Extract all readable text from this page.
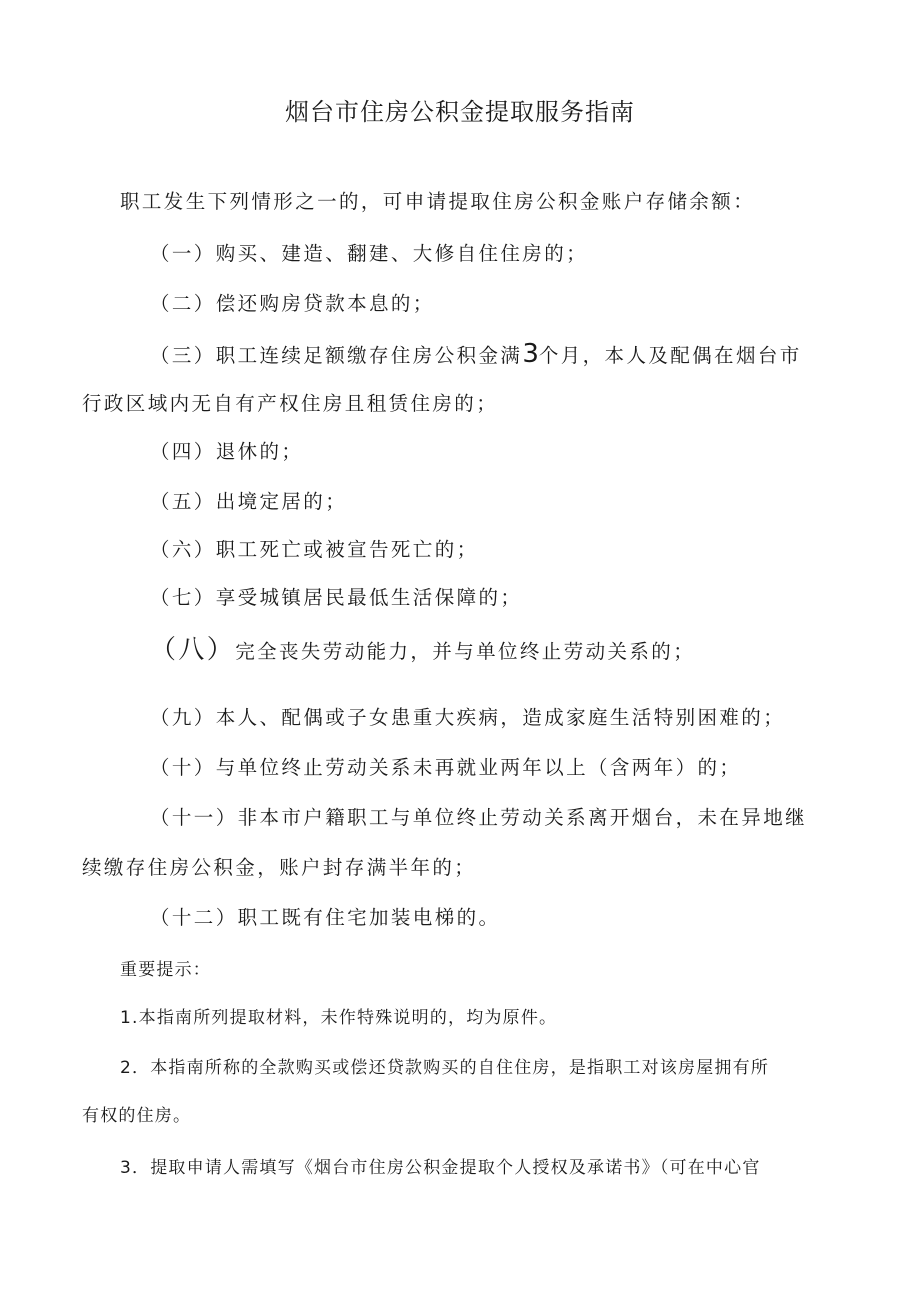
烟台市住房公积金提取服务指南
职工发生下列情形之一的，可申请提取住房公积金账户存储余额：
（一）购买、建造、翻建、大修自住住房的；
（二）偿还购房贷款本息的；
（三）职工连续足额缴存住房公积金满3个月，本人及配偶在烟台市
行政区域内无自有产权住房且租赁住房的；
（四）退休的；
（五）出境定居的；
（六）职工死亡或被宣告死亡的；
（七）享受城镇居民最低生活保障的；
（八）完全丧失劳动能力，并与单位终止劳动关系的；
（九）本人、配偶或子女患重大疾病，造成家庭生活特别困难的；
（十）与单位终止劳动关系未再就业两年以上（含两年）的；
（十一）非本市户籍职工与单位终止劳动关系离开烟台，未在异地继
续缴存住房公积金，账户封存满半年的；
（十二）职工既有住宅加装电梯的。
重要提示：
1.本指南所列提取材料，未作特殊说明的，均为原件。
2．本指南所称的全款购买或偿还贷款购买的自住住房，是指职工对该房屋拥有所
有权的住房。
3．提取申请人需填写《烟台市住房公积金提取个人授权及承诺书》（可在中心官
